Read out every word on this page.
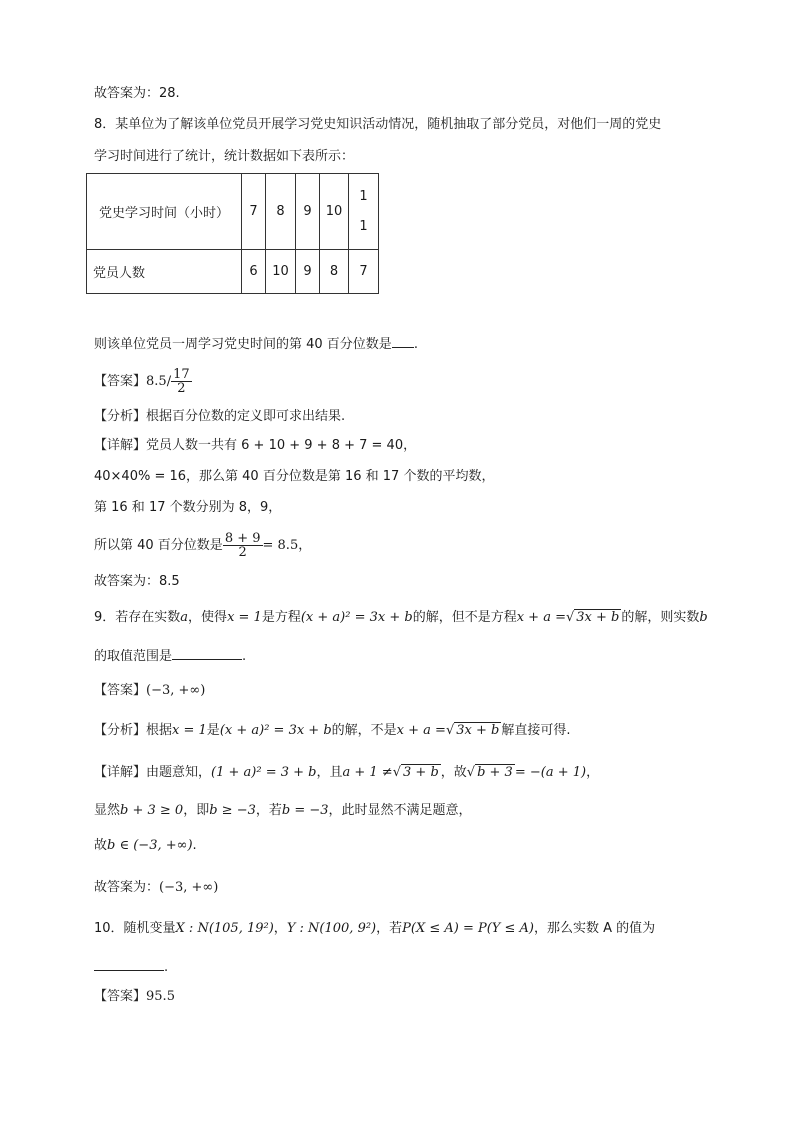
故答案为：28.
8．某单位为了解该单位党员开展学习党史知识活动情况，随机抽取了部分党员，对他们一周的党史
学习时间进行了统计，统计数据如下表所示：
党史学习时间（小时）	7	8	9	10	1
1
党员人数	6	10	9	8	7
则该单位党员一周学习党史时间的第 40 百分位数是 .
【答案】$8.5/ \frac{17}{2}$
【分析】根据百分位数的定义即可求出结果.
【详解】党员人数一共有 6 + 10 + 9 + 8 + 7 = 40，
40×40% = 16，那么第 40 百分位数是第 16 和 17 个数的平均数，
第 16 和 17 个数分别为 8，9，
所以第 40 百分位数是 $\frac{8 + 9}{2} = 8.5$，
故答案为：8.5
9．若存在实数a，使得x = 1是方程(x + a)² = 3x + b的解，但不是方程x + a =√ 3x + b 的解，则实数b
的取值范围是	.
【答案】(−3, +∞)
【分析】根据x = 1是(x + a)² = 3x + b的解，不是x + a =√ 3x + b 解直接可得.
【详解】由题意知，(1 + a)² = 3 + b，且a + 1 ≠√ 3 + b ，故√ b + 3 = −(a + 1)，
显然b + 3 ≥ 0，即b ≥ −3，若b = −3，此时显然不满足题意，
故b ∈ (−3, +∞).
故答案为：(−3, +∞)
10．随机变量X : N(105, 19²)，Y : N(100, 9²)，若P(X ≤ A) = P(Y ≤ A)，那么实数 A 的值为
.
【答案】95.5
